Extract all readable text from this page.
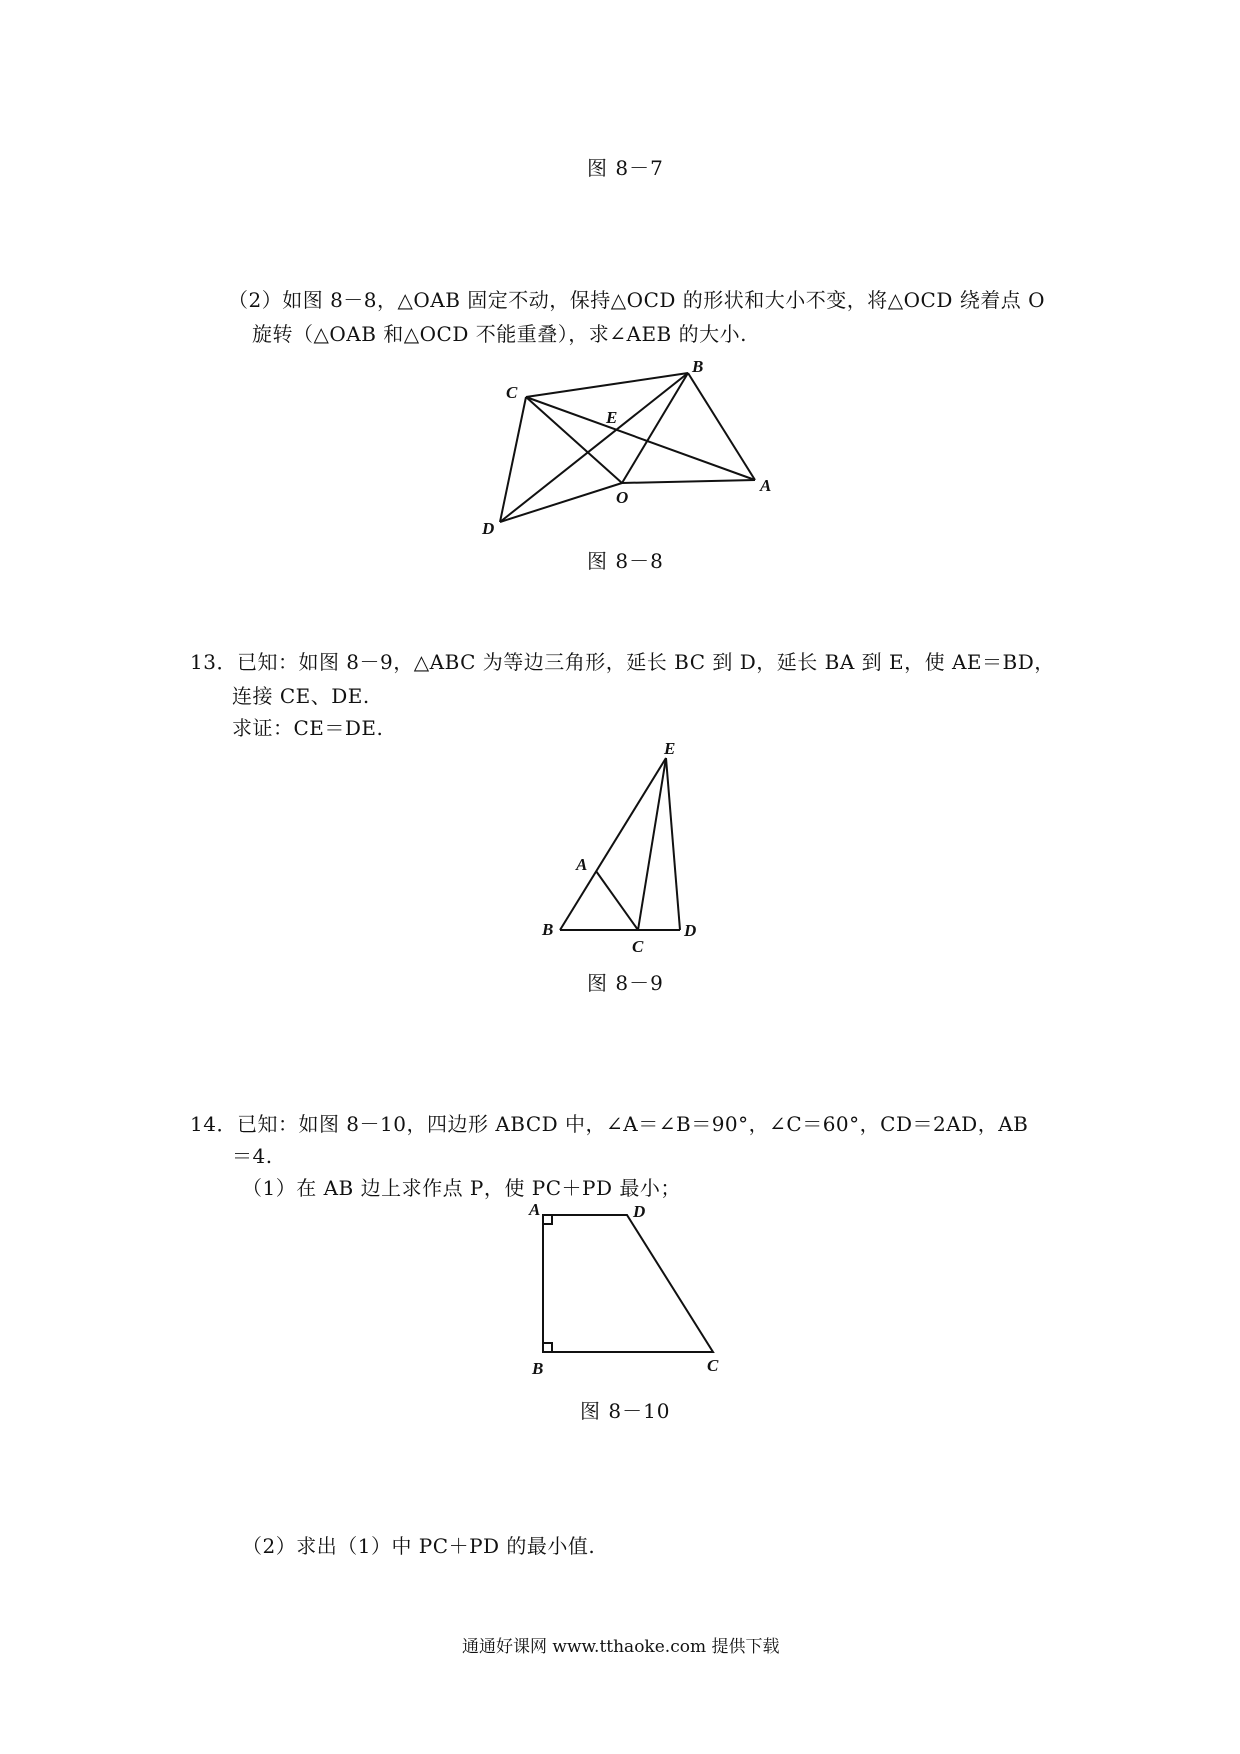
图 8－7
（2）如图 8－8，△OAB 固定不动，保持△OCD 的形状和大小不变，将△OCD 绕着点 O
旋转（△OAB 和△OCD 不能重叠），求∠AEB 的大小.
C
B
E
O
A
D
图 8－8
13．已知：如图 8－9，△ABC 为等边三角形，延长 BC 到 D，延长 BA 到 E，使 AE＝BD，
连接 CE、DE.
求证：CE＝DE.
E
A
B
C
D
图 8－9
14．已知：如图 8－10，四边形 ABCD 中，∠A＝∠B＝90°，∠C＝60°，CD＝2AD，AB
＝4.
（1）在 AB 边上求作点 P，使 PC＋PD 最小；
A	D
B	C
图 8－10
（2）求出（1）中 PC＋PD 的最小值.
通通好课网 www.tthaoke.com 提供下载
